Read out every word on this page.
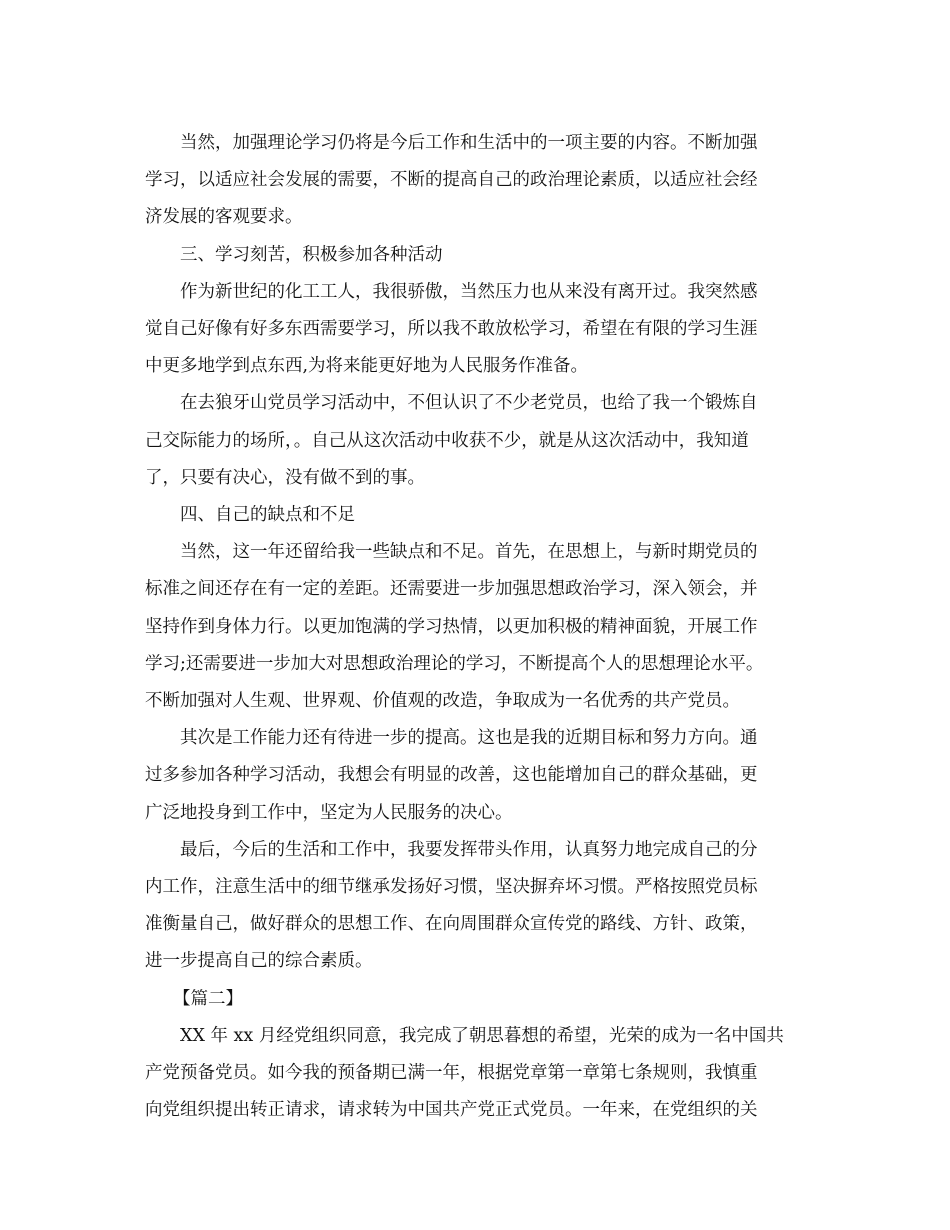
当然，加强理论学习仍将是今后工作和生活中的一项主要的内容。不断加强
学习，以适应社会发展的需要，不断的提高自己的政治理论素质，以适应社会经
济发展的客观要求。
三、学习刻苦，积极参加各种活动
作为新世纪的化工工人，我很骄傲，当然压力也从来没有离开过。我突然感
觉自己好像有好多东西需要学习，所以我不敢放松学习，希望在有限的学习生涯
中更多地学到点东西,为将来能更好地为人民服务作准备。
在去狼牙山党员学习活动中，不但认识了不少老党员，也给了我一个锻炼自
己交际能力的场所，。自己从这次活动中收获不少，就是从这次活动中，我知道
了，只要有决心，没有做不到的事。
四、自己的缺点和不足
当然，这一年还留给我一些缺点和不足。首先，在思想上，与新时期党员的
标准之间还存在有一定的差距。还需要进一步加强思想政治学习，深入领会，并
坚持作到身体力行。以更加饱满的学习热情，以更加积极的精神面貌，开展工作
学习;还需要进一步加大对思想政治理论的学习，不断提高个人的思想理论水平。
不断加强对人生观、世界观、价值观的改造，争取成为一名优秀的共产党员。
其次是工作能力还有待进一步的提高。这也是我的近期目标和努力方向。通
过多参加各种学习活动，我想会有明显的改善，这也能增加自己的群众基础，更
广泛地投身到工作中，坚定为人民服务的决心。
最后，今后的生活和工作中，我要发挥带头作用，认真努力地完成自己的分
内工作，注意生活中的细节继承发扬好习惯，坚决摒弃坏习惯。严格按照党员标
准衡量自己，做好群众的思想工作、在向周围群众宣传党的路线、方针、政策，
进一步提高自己的综合素质。
【篇二】
XX 年 xx 月经党组织同意，我完成了朝思暮想的希望，光荣的成为一名中国共
产党预备党员。如今我的预备期已满一年，根据党章第一章第七条规则，我慎重
向党组织提出转正请求，请求转为中国共产党正式党员。一年来，在党组织的关
